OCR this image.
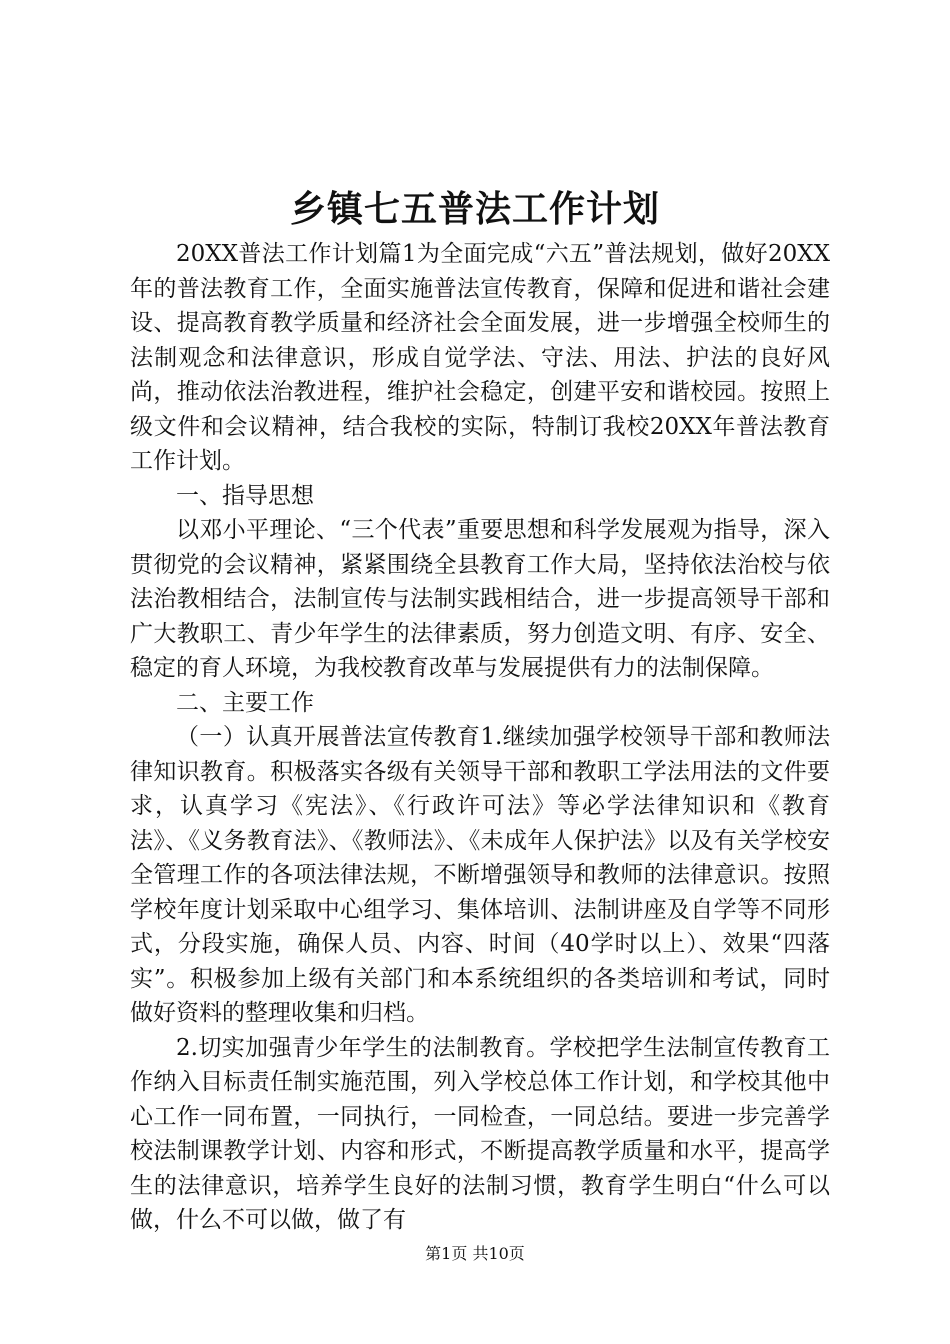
乡镇七五普法工作计划

20XX普法工作计划篇1为全面完成“六五”普法规划，做好20XX年的普法教育工作，全面实施普法宣传教育，保障和促进和谐社会建设、提高教育教学质量和经济社会全面发展，进一步增强全校师生的法制观念和法律意识，形成自觉学法、守法、用法、护法的良好风尚，推动依法治教进程，维护社会稳定，创建平安和谐校园。按照上级文件和会议精神，结合我校的实际，特制订我校20XX年普法教育工作计划。

一、指导思想

以邓小平理论、“三个代表”重要思想和科学发展观为指导，深入贯彻党的会议精神，紧紧围绕全县教育工作大局，坚持依法治校与依法治教相结合，法制宣传与法制实践相结合，进一步提高领导干部和广大教职工、青少年学生的法律素质，努力创造文明、有序、安全、稳定的育人环境，为我校教育改革与发展提供有力的法制保障。

二、主要工作

（一）认真开展普法宣传教育1.继续加强学校领导干部和教师法律知识教育。积极落实各级有关领导干部和教职工学法用法的文件要求，认真学习《宪法》、《行政许可法》等必学法律知识和《教育法》、《义务教育法》、《教师法》、《未成年人保护法》以及有关学校安全管理工作的各项法律法规，不断增强领导和教师的法律意识。按照学校年度计划采取中心组学习、集体培训、法制讲座及自学等不同形式，分段实施，确保人员、内容、时间（40学时以上）、效果“四落实”。积极参加上级有关部门和本系统组织的各类培训和考试，同时做好资料的整理收集和归档。

2.切实加强青少年学生的法制教育。学校把学生法制宣传教育工作纳入目标责任制实施范围，列入学校总体工作计划，和学校其他中心工作一同布置，一同执行，一同检查，一同总结。要进一步完善学校法制课教学计划、内容和形式，不断提高教学质量和水平，提高学生的法律意识，培养学生良好的法制习惯，教育学生明白“什么可以做，什么不可以做，做了有

第1页 共10页
